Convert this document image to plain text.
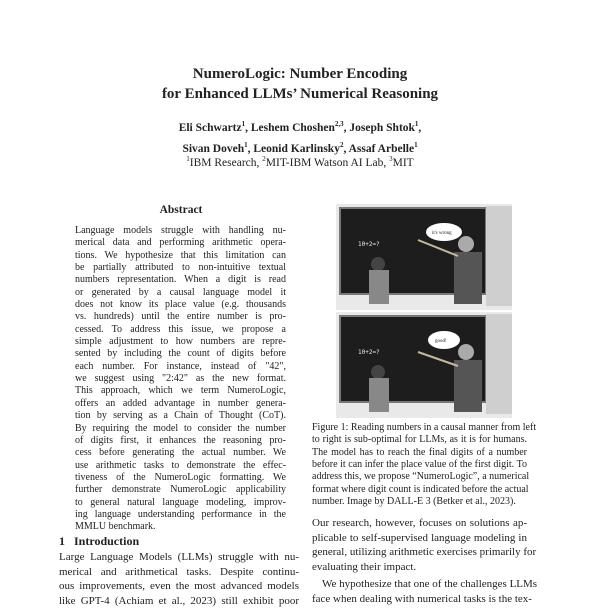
NumeroLogic: Number Encoding
for Enhanced LLMs’ Numerical Reasoning
Eli Schwartz$^1$, Leshem Choshen$^{2,3}$, Joseph Shtok$^1$,
Sivan Doveh$^1$, Leonid Karlinsky$^2$, Assaf Arbelle$^1$
$^1$IBM Research, $^2$MIT-IBM Watson AI Lab, $^3$MIT
Abstract
Language models struggle with handling nu-
merical data and performing arithmetic opera-
tions. We hypothesize that this limitation can
be partially attributed to non-intuitive textual
numbers representation. When a digit is read
or generated by a causal language model it
does not know its place value (e.g. thousands
vs. hundreds) until the entire number is pro-
cessed. To address this issue, we propose a
simple adjustment to how numbers are repre-
sented by including the count of digits before
each number. For instance, instead of "42",
we suggest using "2:42" as the new format.
This approach, which we term NumeroLogic,
offers an added advantage in number genera-
tion by serving as a Chain of Thought (CoT).
By requiring the model to consider the number
of digits first, it enhances the reasoning pro-
cess before generating the actual number. We
use arithmetic tasks to demonstrate the effec-
tiveness of the NumeroLogic formatting. We
further demonstrate NumeroLogic applicability
to general natural language modeling, improv-
ing language understanding performance in the
MMLU benchmark.
1 Introduction
Large Language Models (LLMs) struggle with nu-
merical and arithmetical tasks. Despite continu-
ous improvements, even the most advanced models
like GPT-4 (Achiam et al., 2023) still exhibit poor
10+2=?
it's wrong
10+2=?
good!
Figure 1: Reading numbers in a causal manner from left
to right is sub-optimal for LLMs, as it is for humans.
The model has to reach the final digits of a number
before it can infer the place value of the first digit. To
address this, we propose “NumeroLogic”, a numerical
format where digit count is indicated before the actual
number. Image by DALL-E 3 (Betker et al., 2023).
Our research, however, focuses on solutions ap-
plicable to self-supervised language modeling in
general, utilizing arithmetic exercises primarily for
evaluating their impact.
We hypothesize that one of the challenges LLMs
face when dealing with numerical tasks is the tex-
